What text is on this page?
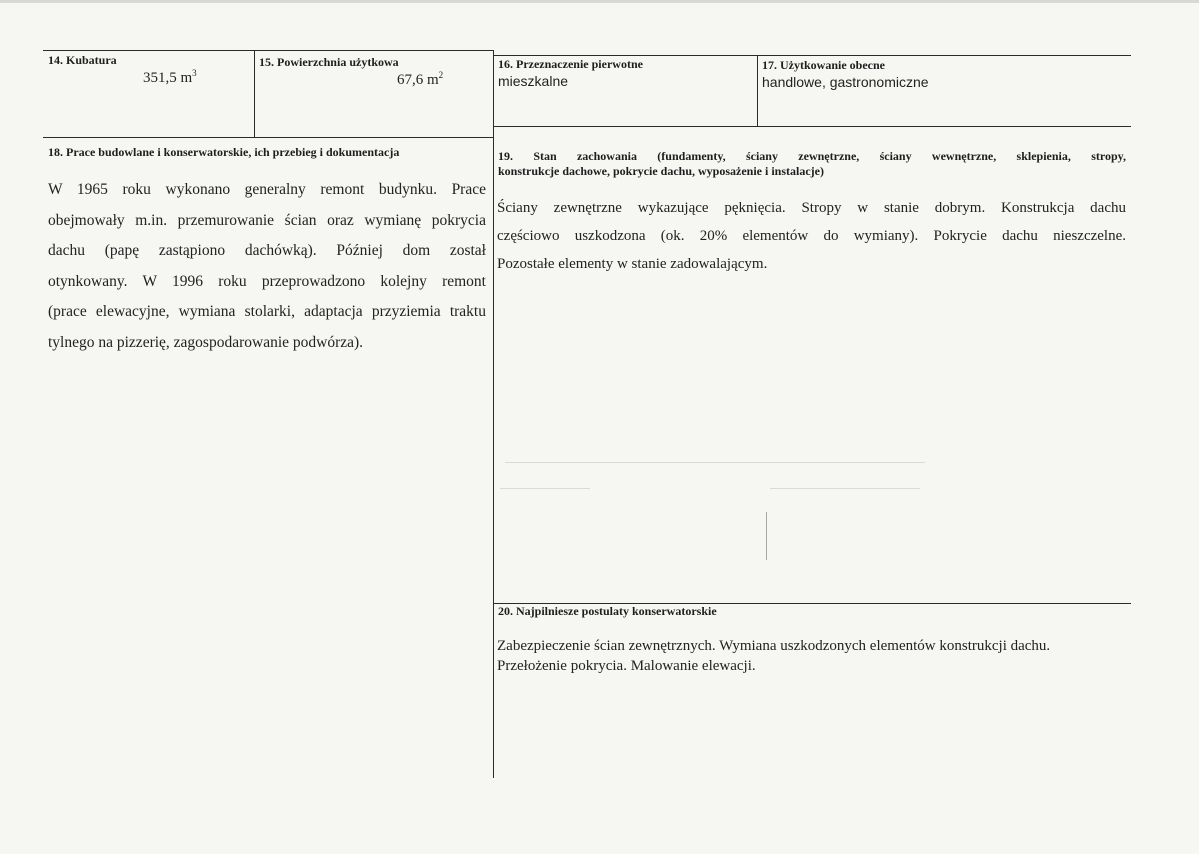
14. Kubatura
351,5 $m^3$
15. Powierzchnia użytkowa
67,6 $m^2$
16. Przeznaczenie pierwotne
mieszkalne
17. Użytkowanie obecne
handlowe, gastronomiczne
18. Prace budowlane i konserwatorskie, ich przebieg i dokumentacja
W 1965 roku wykonano generalny remont budynku. Prace
obejmowały m.in. przemurowanie ścian oraz wymianę pokrycia
dachu (papę zastąpiono dachówką). Później dom został
otynkowany. W 1996 roku przeprowadzono kolejny remont
(prace elewacyjne, wymiana stolarki, adaptacja przyziemia traktu
tylnego na pizzerię, zagospodarowanie podwórza).
19. Stan zachowania (fundamenty, ściany zewnętrzne, ściany wewnętrzne, sklepienia, stropy,
konstrukcje dachowe, pokrycie dachu, wyposażenie i instalacje)
Ściany zewnętrzne wykazujące pęknięcia. Stropy w stanie dobrym. Konstrukcja dachu
częściowo uszkodzona (ok. 20% elementów do wymiany). Pokrycie dachu nieszczelne.
Pozostałe elementy w stanie zadowalającym.
20. Najpilniesze postulaty konserwatorskie
Zabezpieczenie ścian zewnętrznych. Wymiana uszkodzonych elementów konstrukcji dachu.
Przełożenie pokrycia. Malowanie elewacji.
